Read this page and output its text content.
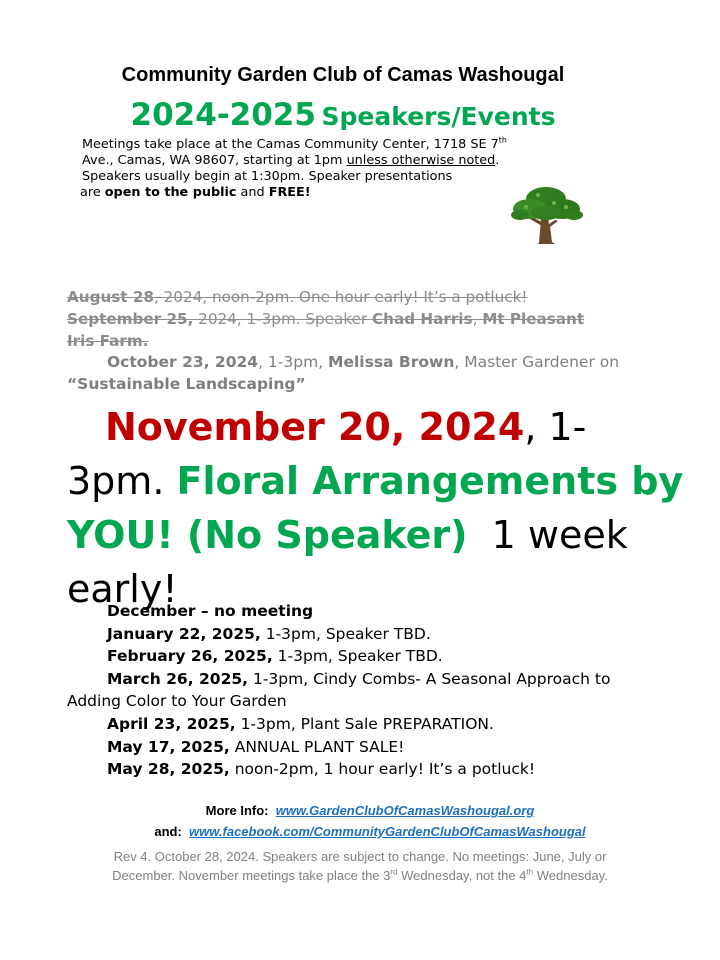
Community Garden Club of Camas Washougal
2024-2025 Speakers/Events
Meetings take place at the Camas Community Center, 1718 SE 7th
Ave., Camas, WA 98607, starting at 1pm unless otherwise noted.
Speakers usually begin at 1:30pm. Speaker presentations
are open to the public and FREE!
August 28, 2024, noon-2pm. One hour early! It’s a potluck!
September 25, 2024, 1-3pm. Speaker Chad Harris, Mt Pleasant
Iris Farm.
October 23, 2024, 1-3pm, Melissa Brown, Master Gardener on
“Sustainable Landscaping”
November 20, 2024, 1-
3pm. Floral Arrangements by
YOU! (No Speaker)  1 week
early!
December – no meeting
January 22, 2025, 1-3pm, Speaker TBD.
February 26, 2025, 1-3pm, Speaker TBD.
March 26, 2025, 1-3pm, Cindy Combs- A Seasonal Approach to
Adding Color to Your Garden
April 23, 2025, 1-3pm, Plant Sale PREPARATION.
May 17, 2025, ANNUAL PLANT SALE!
May 28, 2025, noon-2pm, 1 hour early! It’s a potluck!
More Info:  www.GardenClubOfCamasWashougal.org
and:  www.facebook.com/CommunityGardenClubOfCamasWashougal
Rev 4. October 28, 2024. Speakers are subject to change. No meetings: June, July or
December. November meetings take place the 3rd Wednesday, not the 4th Wednesday.
